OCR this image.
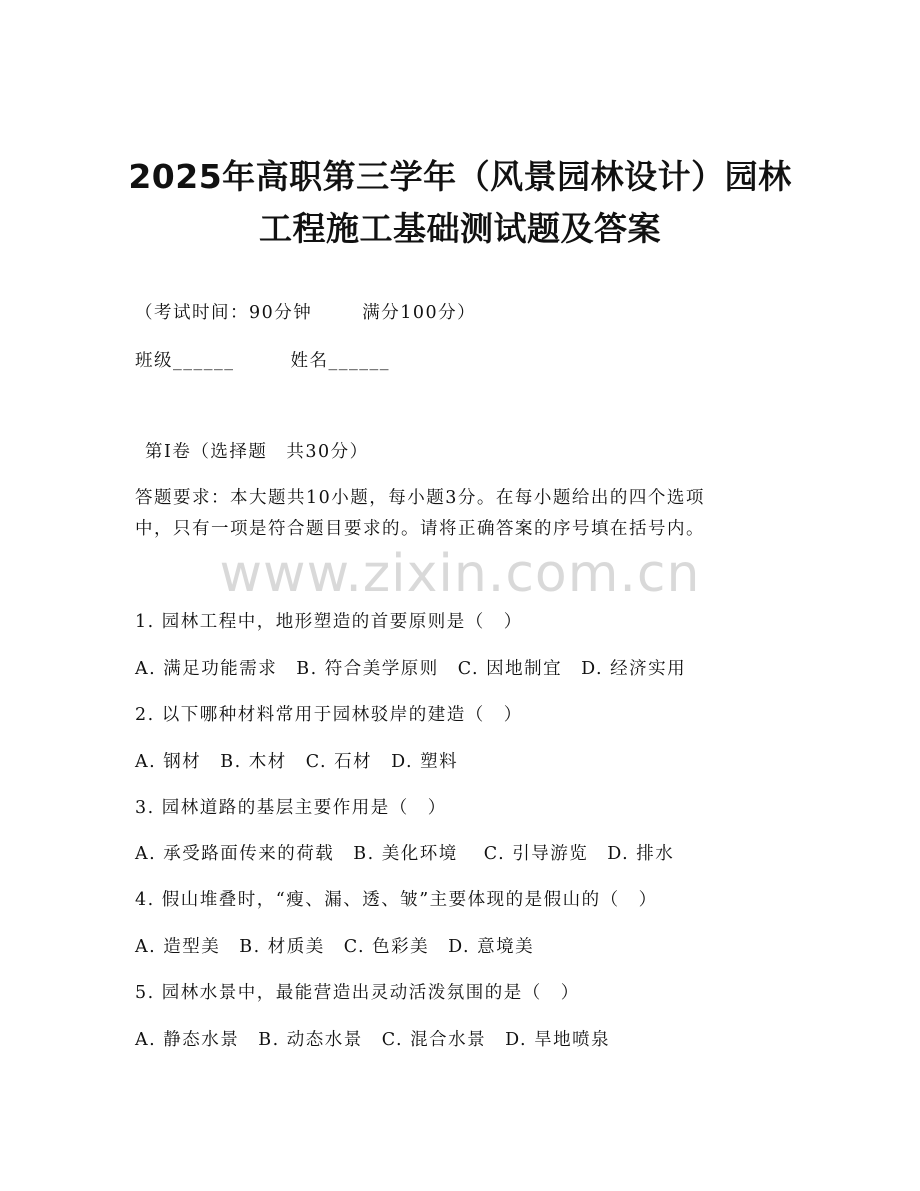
2025年高职第三学年（风景园林设计）园林
工程施工基础测试题及答案
（考试时间：90分钟	满分100分）
班级______	姓名______
第Ⅰ卷（选择题　共30分）
答题要求：本大题共10小题，每小题3分。在每小题给出的四个选项
中，只有一项是符合题目要求的。请将正确答案的序号填在括号内。
www.zixin.com.cn
1. 园林工程中，地形塑造的首要原则是（　）
A. 满足功能需求　B. 符合美学原则　C. 因地制宜　D. 经济实用
2. 以下哪种材料常用于园林驳岸的建造（　）
A. 钢材　B. 木材　C. 石材　D. 塑料
3. 园林道路的基层主要作用是（　）
A. 承受路面传来的荷载　B. 美化环境　 C. 引导游览　D. 排水
4. 假山堆叠时，“瘦、漏、透、皱”主要体现的是假山的（　）
A. 造型美　B. 材质美　C. 色彩美　D. 意境美
5. 园林水景中，最能营造出灵动活泼氛围的是（　）
A. 静态水景　B. 动态水景　C. 混合水景　D. 旱地喷泉
